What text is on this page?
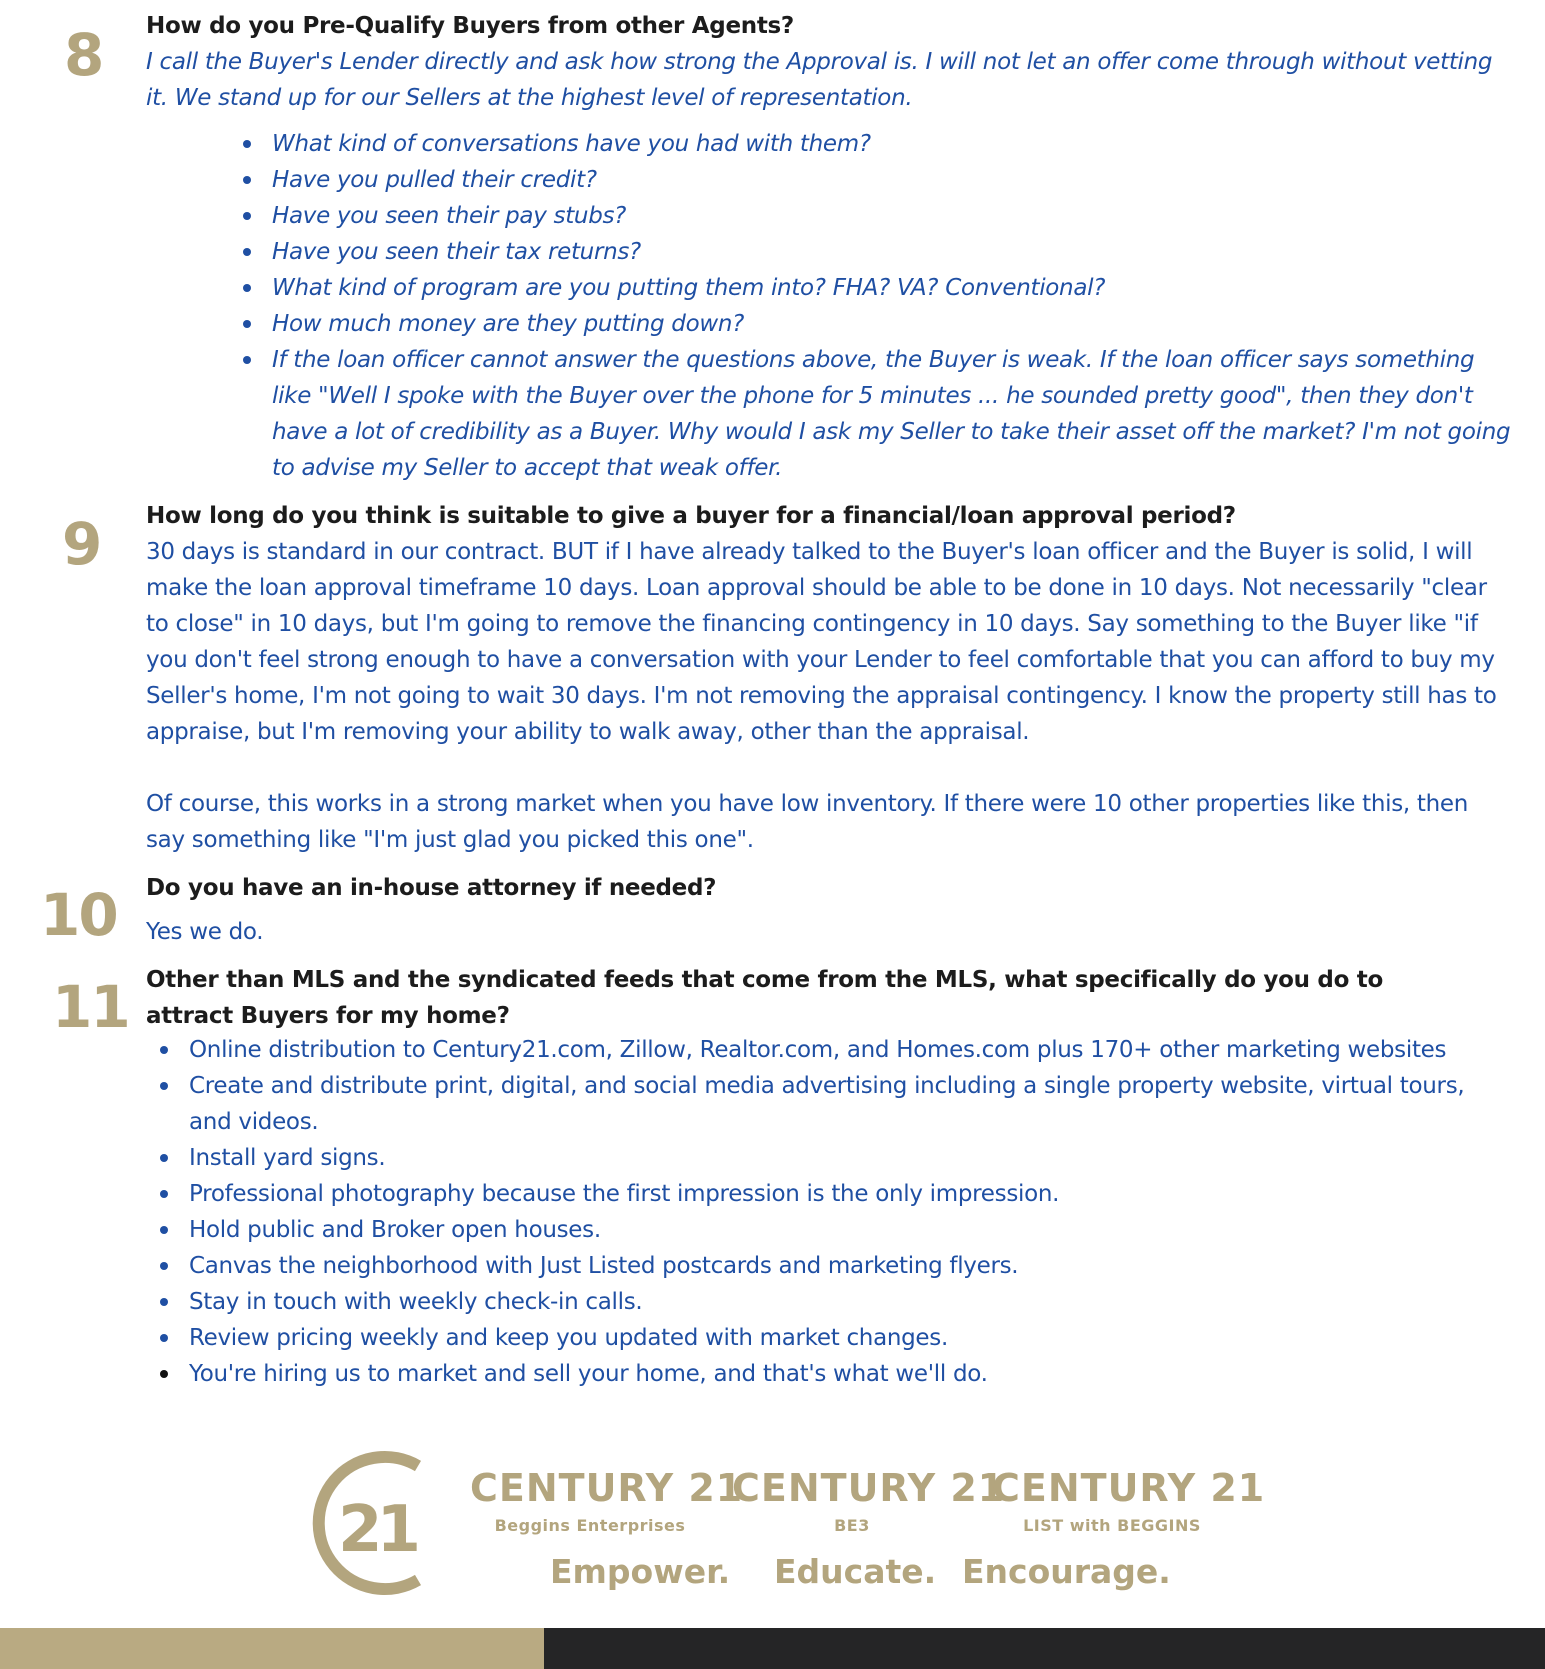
8 How do you Pre-Qualify Buyers from other Agents?

I call the Buyer's Lender directly and ask how strong the Approval is. I will not let an offer come through without vetting it. We stand up for our Sellers at the highest level of representation.

What kind of conversations have you had with them?
Have you pulled their credit?
Have you seen their pay stubs?
Have you seen their tax returns?
What kind of program are you putting them into? FHA? VA? Conventional?
How much money are they putting down?
If the loan officer cannot answer the questions above, the Buyer is weak. If the loan officer says something like "Well I spoke with the Buyer over the phone for 5 minutes ... he sounded pretty good", then they don't have a lot of credibility as a Buyer. Why would I ask my Seller to take their asset off the market? I'm not going to advise my Seller to accept that weak offer.
9 How long do you think is suitable to give a buyer for a financial/loan approval period?

30 days is standard in our contract. BUT if I have already talked to the Buyer's loan officer and the Buyer is solid, I will make the loan approval timeframe 10 days. Loan approval should be able to be done in 10 days. Not necessarily "clear to close" in 10 days, but I'm going to remove the financing contingency in 10 days. Say something to the Buyer like "if you don't feel strong enough to have a conversation with your Lender to feel comfortable that you can afford to buy my Seller's home, I'm not going to wait 30 days. I'm not removing the appraisal contingency. I know the property still has to appraise, but I'm removing your ability to walk away, other than the appraisal.

Of course, this works in a strong market when you have low inventory. If there were 10 other properties like this, then say something like "I'm just glad you picked this one".

10 Do you have an in-house attorney if needed?

Yes we do.

11 Other than MLS and the syndicated feeds that come from the MLS, what specifically do you do to attract Buyers for my home?

Online distribution to Century21.com, Zillow, Realtor.com, and Homes.com plus 170+ other marketing websites
Create and distribute print, digital, and social media advertising including a single property website, virtual tours, and videos.
Install yard signs.
Professional photography because the first impression is the only impression.
Hold public and Broker open houses.
Canvas the neighborhood with Just Listed postcards and marketing flyers.
Stay in touch with weekly check-in calls.
Review pricing weekly and keep you updated with market changes.
You're hiring us to market and sell your home, and that's what we'll do.
21
CENTURY 21
Beggins Enterprises
CENTURY 21
BE3
CENTURY 21
LIST with BEGGINS
Empower. Educate. Encourage.
